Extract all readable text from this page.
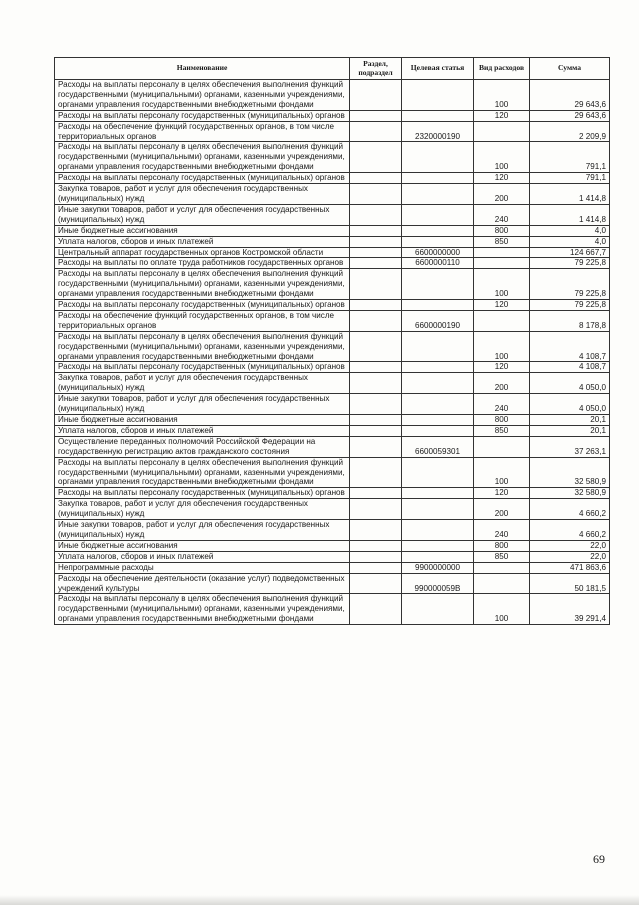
Наименование	Раздел, подраздел	Целевая статья	Вид расходов	Сумма
Расходы на выплаты персоналу в целях обеспечения выполнения функций государственными (муниципальными) органами, казенными учреждениями, органами управления государственными внебюджетными фондами			100	29 643,6
Расходы на выплаты персоналу государственных (муниципальных) органов			120	29 643,6
Расходы на обеспечение функций государственных органов, в том числе территориальных органов		2320000190		2 209,9
Расходы на выплаты персоналу в целях обеспечения выполнения функций государственными (муниципальными) органами, казенными учреждениями, органами управления государственными внебюджетными фондами			100	791,1
Расходы на выплаты персоналу государственных (муниципальных) органов			120	791,1
Закупка товаров, работ и услуг для обеспечения государственных (муниципальных) нужд			200	1 414,8
Иные закупки товаров, работ и услуг для обеспечения государственных (муниципальных) нужд			240	1 414,8
Иные бюджетные ассигнования			800	4,0
Уплата налогов, сборов и иных платежей			850	4,0
Центральный аппарат государственных органов Костромской области		6600000000		124 667,7
Расходы на выплаты по оплате труда работников государственных органов		6600000110		79 225,8
Расходы на выплаты персоналу в целях обеспечения выполнения функций государственными (муниципальными) органами, казенными учреждениями, органами управления государственными внебюджетными фондами			100	79 225,8
Расходы на выплаты персоналу государственных (муниципальных) органов			120	79 225,8
Расходы на обеспечение функций государственных органов, в том числе территориальных органов		6600000190		8 178,8
Расходы на выплаты персоналу в целях обеспечения выполнения функций государственными (муниципальными) органами, казенными учреждениями, органами управления государственными внебюджетными фондами			100	4 108,7
Расходы на выплаты персоналу государственных (муниципальных) органов			120	4 108,7
Закупка товаров, работ и услуг для обеспечения государственных (муниципальных) нужд			200	4 050,0
Иные закупки товаров, работ и услуг для обеспечения государственных (муниципальных) нужд			240	4 050,0
Иные бюджетные ассигнования			800	20,1
Уплата налогов, сборов и иных платежей			850	20,1
Осуществление переданных полномочий Российской Федерации на государственную регистрацию актов гражданского состояния		6600059301		37 263,1
Расходы на выплаты персоналу в целях обеспечения выполнения функций государственными (муниципальными) органами, казенными учреждениями, органами управления государственными внебюджетными фондами			100	32 580,9
Расходы на выплаты персоналу государственных (муниципальных) органов			120	32 580,9
Закупка товаров, работ и услуг для обеспечения государственных (муниципальных) нужд			200	4 660,2
Иные закупки товаров, работ и услуг для обеспечения государственных (муниципальных) нужд			240	4 660,2
Иные бюджетные ассигнования			800	22,0
Уплата налогов, сборов и иных платежей			850	22,0
Непрограммные расходы		9900000000		471 863,6
Расходы на обеспечение деятельности (оказание услуг) подведомственных учреждений культуры		990000059В		50 181,5
Расходы на выплаты персоналу в целях обеспечения выполнения функций государственными (муниципальными) органами, казенными учреждениями, органами управления государственными внебюджетными фондами			100	39 291,4
69
